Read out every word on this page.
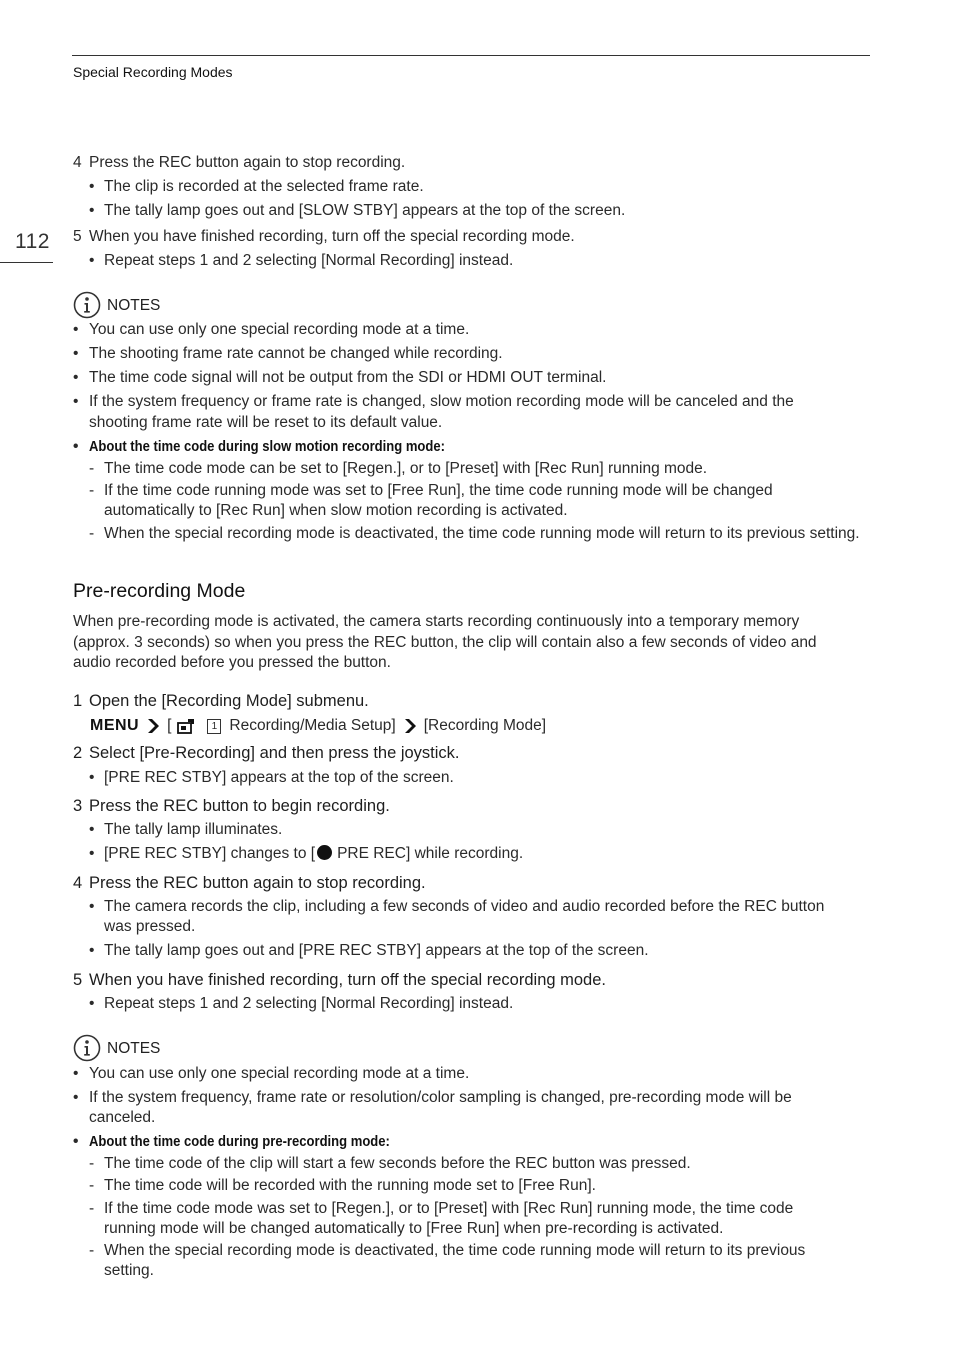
Special Recording Modes
112
4 Press the REC button again to stop recording.
• The clip is recorded at the selected frame rate.
• The tally lamp goes out and [SLOW STBY] appears at the top of the screen.
5 When you have finished recording, turn off the special recording mode.
• Repeat steps 1 and 2 selecting [Normal Recording] instead.
NOTES
• You can use only one special recording mode at a time.
• The shooting frame rate cannot be changed while recording.
• The time code signal will not be output from the SDI or HDMI OUT terminal.
• If the system frequency or frame rate is changed, slow motion recording mode will be canceled and the
shooting frame rate will be reset to its default value.
• About the time code during slow motion recording mode:
- The time code mode can be set to [Regen.], or to [Preset] with [Rec Run] running mode.
- If the time code running mode was set to [Free Run], the time code running mode will be changed
automatically to [Rec Run] when slow motion recording is activated.
- When the special recording mode is deactivated, the time code running mode will return to its previous setting.
Pre-recording Mode
When pre-recording mode is activated, the camera starts recording continuously into a temporary memory
(approx. 3 seconds) so when you press the REC button, the clip will contain also a few seconds of video and
audio recorded before you pressed the button.
1 Open the [Recording Mode] submenu.
MENU [	1 Recording/Media Setup] [Recording Mode]
2 Select [Pre-Recording] and then press the joystick.
• [PRE REC STBY] appears at the top of the screen.
3 Press the REC button to begin recording.
• The tally lamp illuminates.
• [PRE REC STBY] changes to [ PRE REC] while recording.
4 Press the REC button again to stop recording.
• The camera records the clip, including a few seconds of video and audio recorded before the REC button
was pressed.
• The tally lamp goes out and [PRE REC STBY] appears at the top of the screen.
5 When you have finished recording, turn off the special recording mode.
• Repeat steps 1 and 2 selecting [Normal Recording] instead.
NOTES
• You can use only one special recording mode at a time.
• If the system frequency, frame rate or resolution/color sampling is changed, pre-recording mode will be
canceled.
• About the time code during pre-recording mode:
- The time code of the clip will start a few seconds before the REC button was pressed.
- The time code will be recorded with the running mode set to [Free Run].
- If the time code mode was set to [Regen.], or to [Preset] with [Rec Run] running mode, the time code
running mode will be changed automatically to [Free Run] when pre-recording is activated.
- When the special recording mode is deactivated, the time code running mode will return to its previous
setting.
